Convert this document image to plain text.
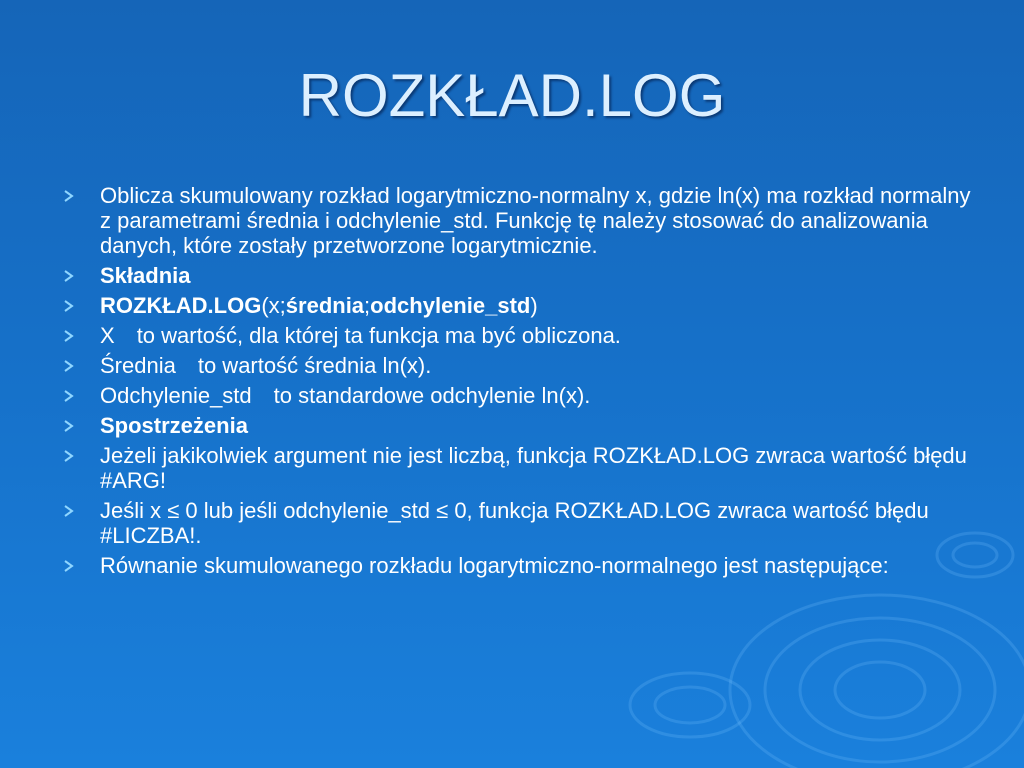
ROZKŁAD.LOG
Oblicza skumulowany rozkład logarytmiczno-normalny x, gdzie ln(x) ma rozkład normalny z parametrami średnia i odchylenie_std. Funkcję tę należy stosować do analizowania danych, które zostały przetworzone logarytmicznie.
Składnia
ROZKŁAD.LOG(x;średnia;odchylenie_std)
X to wartość, dla której ta funkcja ma być obliczona.
Średnia to wartość średnia ln(x).
Odchylenie_std to standardowe odchylenie ln(x).
Spostrzeżenia
Jeżeli jakikolwiek argument nie jest liczbą, funkcja ROZKŁAD.LOG zwraca wartość błędu #ARG!
Jeśli x ≤ 0 lub jeśli odchylenie_std ≤ 0, funkcja ROZKŁAD.LOG zwraca wartość błędu #LICZBA!.
Równanie skumulowanego rozkładu logarytmiczno-normalnego jest następujące:
